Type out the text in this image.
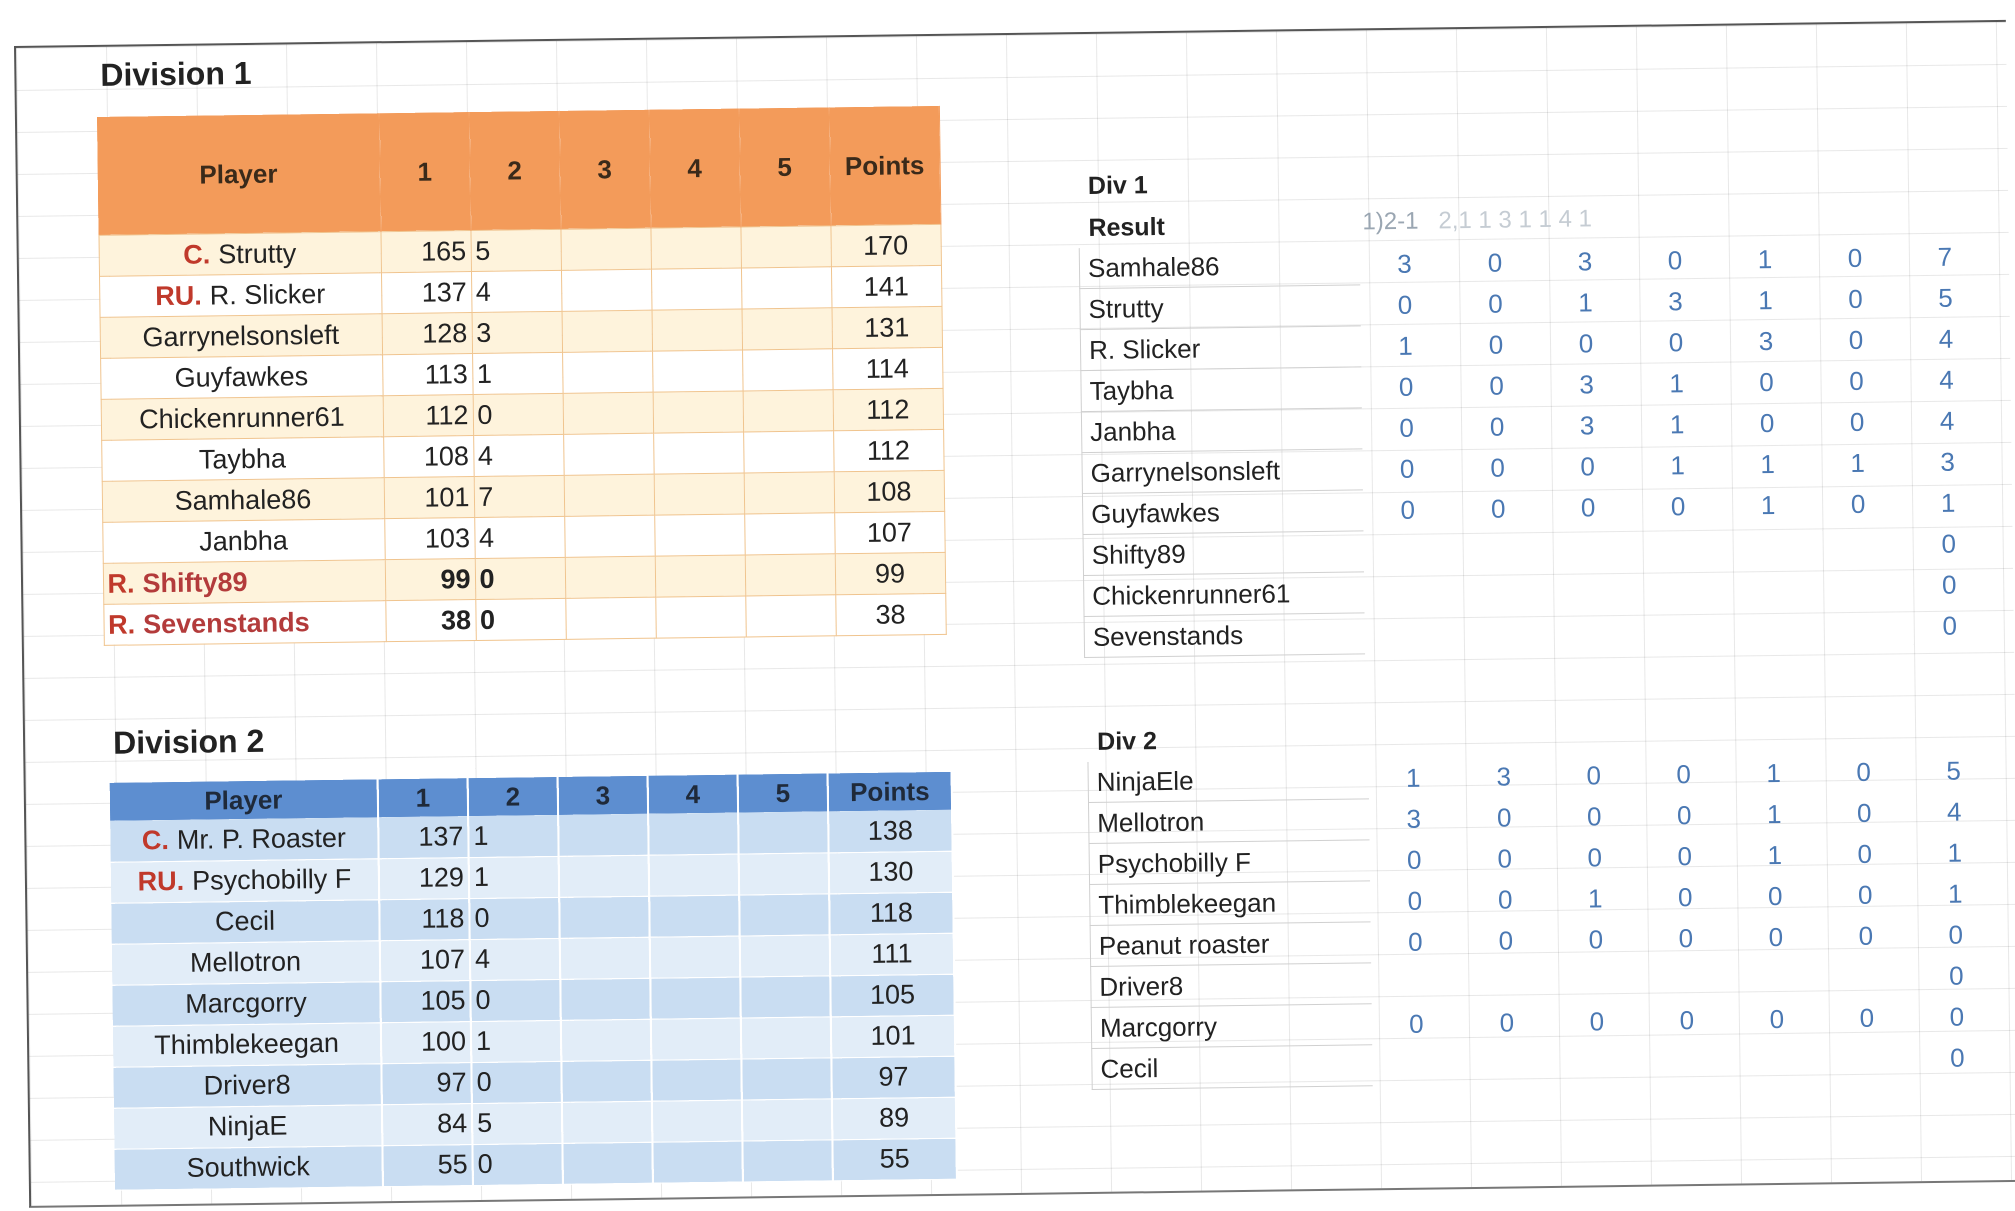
Division 1
	Player	1	2	3	4	5	Points
	C. Strutty	165	5				170
	RU. R. Slicker	137	4				141
	Garrynelsonsleft	128	3				131
	Guyfawkes	113	1				114
	Chickenrunner61	112	0				112
	Taybha	108	4				112
	Samhale86	101	7				108
	Janbha	103	4				107
	R. Shifty89	99	0				99
	R. Sevenstands	38	0				38
Division 2
	Player	1	2	3	4	5	Points
	C. Mr. P. Roaster	137	1				138
	RU. Psychobilly F	129	1				130
	Cecil	118	0				118
	Mellotron	107	4				111
	Marcgorry	105	0				105
	Thimblekeegan	100	1				101
	Driver8	97	0				97
	NinjaE	84	5				89
	Southwick	55	0				55
Div 1
Result	1)2-1 2,1 1 3 1 1 4 1
Samhale86	3	0	3	0	1	0	7
Strutty	0	0	1	3	1	0	5
R. Slicker	1	0	0	0	3	0	4
Taybha	0	0	3	1	0	0	4
Janbha	0	0	3	1	0	0	4
Garrynelsonsleft	0	0	0	1	1	1	3
Guyfawkes	0	0	0	0	1	0	1
Shifty89							0
Chickenrunner61							0
Sevenstands							0
Div 2
NinjaEle	1	3	0	0	1	0	5
Mellotron	3	0	0	0	1	0	4
Psychobilly F	0	0	0	0	1	0	1
Thimblekeegan	0	0	1	0	0	0	1
Peanut roaster	0	0	0	0	0	0	0
Driver8							0
Marcgorry	0	0	0	0	0	0	0
Cecil							0
